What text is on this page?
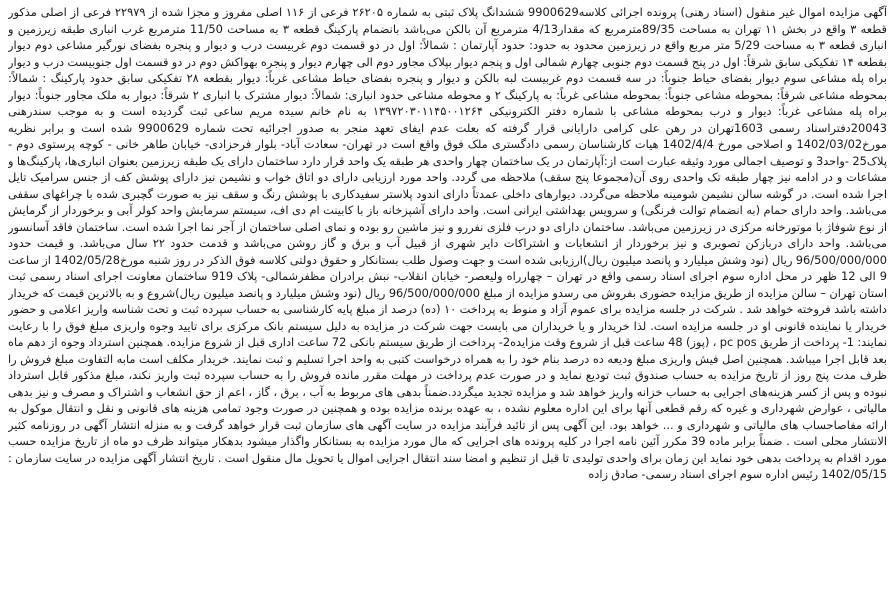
آگهی مزایده اموال غیر منقول (اسناد رهنی) پرونده اجرائی کلاسه9900629 ششدانگ پلاک ثبتی به شماره ۲۶۲۰۵ فرعی از ۱۱۶ اصلی مفروز و مجزا شده از ۲۲۹۷۹ فرعی از اصلی مذکور قطعه ۳ واقع در بخش ۱۱ تهران به مساحت 89/35مترمربع که مقدار4/13 مترمربع آن بالکن می‌باشد بانضمام پارکینگ قطعه ۳ به مساحت 11/50 مترمربع غرب انباری طبقه زیرزمین و انباری قطعه ۳ به مساحت 5/29 متر مربع واقع در زیرزمین محدود به حدود: حدود آپارتمان : شمالاً: اول در دو قسمت دوم غربیست درب و دیوار و پنجره بفضای نورگیر مشاعی دوم دیوار بقطعه ۱۴ تفکیکی سابق شرقاً: اول در پنج قسمت دوم جنوبی چهارم شمالی اول و پنجم دیوار بپلاک مجاور دوم الی چهارم دیوار و پنجره بهواکش دوم در دو قسمت اول جنوبیست درب و دیوار براه پله مشاعی سوم دیوار بفضای حیاط جنوباً: در سه قسمت دوم غربیست لبه بالکن و دیوار و پنجره بفضای حیاط مشاعی غرباً: دیوار بقطعه ۲۸ تفکیکی سابق حدود پارکینگ : شمالاً: بمحوطه مشاعی شرقاً: بمحوطه مشاعی جنوباً: بمحوطه مشاعی غرباً: به پارکینگ ۲ و محوطه مشاعی حدود انباری: شمالاً: دیوار مشترک با انباری ۲ شرقاً: دیوار به ملک مجاور جنوباً: دیوار براه پله مشاعی غرباً: دیوار و درب بمحوطه مشاعی با شماره دفتر الکترونیکی ۱۳۹۷۲۰۳۰۱۱۴۵۰۰۱۲۶۴ به نام خانم سیده مریم ساعی ثبت گردیده است و به موجب سندرهنی 20043دفتراسناد رسمی 1603تهران در رهن علی کرامی دارایانی قرار گرفته که بعلت عدم ایفای تعهد منجر به صدور اجرائیه تحت شماره 9900629 شده است و برابر نظریه مورخ1402/03/02 و اصلاحی مورخ 1402/4/4 هیات کارشناسان رسمی دادگستری ملک فوق واقع است در تهران- سعادت آباد- بلوار فرحزادی- خیابان طاهر خانی - کوچه پرستوی دوم - پلاک25 -واحد3 و توصیف اجمالی مورد وثیقه عبارت است از:آپارتمان در یک ساختمان چهار واحدی هر طبقه یک واحد قرار دارد ساختمان دارای یک طبقه زیرزمین بعنوان انباری‌ها، پارکینگ‌ها و مشاعات و در ادامه نیز چهار طبقه تک واحدی روی آن(مجموعا پنج سقف) ملاحظه می گردد. واحد مورد ارزیابی دارای دو اتاق خواب و نشیمن نیز دارای پوشش کف از جنس سرامیک تایل اجرا شده است. در گوشه سالن نشیمن شومینه ملاحظه می‌گردد. دیوارهای داخلی عمدتاً دارای اندود پلاستر سفیدکاری با پوشش رنگ و سقف نیز به صورت گچبری شده با چراغهای سقفی می‌باشد. واحد دارای حمام (به انضمام توالت فرنگی) و سرویس بهداشتی ایرانی است. واحد دارای آشپزخانه باز با کابینت ام دی اف، سیستم سرمایش واحد کولر آبی و برخوردار از گرمایش از نوع شوفاژ با موتورخانه مرکزی در زیرزمین می‌باشد. ساختمان دارای دو درب فلزی نفررو و نیز ماشین رو بوده و نمای اصلی ساختمان از آجر نما اجرا شده است. ساختمان فاقد آسانسور می‌باشد. واحد دارای دربازکن تصویری و نیز برخوردار از انشعابات و اشتراکات دایر شهری از قبیل آب و برق و گاز روشن می‌باشد و قدمت حدود ۲۲ سال می‌باشد. و قیمت حدود 96/500/000/000 ریال (نود وشش میلیارد و پانصد میلیون ریال)ارزیابی شده است و جهت وصول طلب بستانکار و حقوق دولتی کلاسه فوق الذکر در روز شنبه مورخ1402/05/28 از ساعت 9 الی 12 ظهر در محل اداره سوم اجرای اسناد رسمی واقع در تهران – چهارراه ولیعصر- خیابان انقلاب- نبش برادران مظفرشمالی- پلاک 919 ساختمان معاونت اجرای اسناد رسمی ثبت استان تهران – سالن مزایده از طریق مزایده حضوری بفروش می رسدو مزایده از مبلغ 96/500/000/000 ریال (نود وشش میلیارد و پانصد میلیون ریال)شروع و به بالاترین قیمت که خریدار داشته باشد فروخته خواهد شد . شرکت در جلسه مزایده برای عموم آزاد و منوط به پرداخت ۱۰ (ده) درصد از مبلغ پایه کارشناسی به حساب سپرده ثبت و تحت شناسه واریز اعلامی و حضور خریدار یا نماینده قانونی او در جلسه مزایده است. لذا خریدار و یا خریداران می بایست جهت شرکت در مزایده به دلیل سیستم بانک مرکزی برای تایید وجوه واریزی مبلغ فوق را با رعایت نمایند: 1- پرداخت از طریق pc pos ، (پوز) 48 ساعت قبل از شروع وقت مزایده2- پرداخت از طریق سیستم بانکی 72 ساعت اداری قبل از شروع مزایده. همچنین استرداد وجوه از دهم ماه بعد قابل اجرا میباشد. همچنین اصل فیش واریزی مبلغ ودیعه ده درصد بنام خود را به همراه درخواست کتبی به واحد اجرا تسلیم و ثبت نمایند. خریدار مکلف است مابه التفاوت مبلغ فروش را ظرف مدت پنج روز از تاریخ مزایده به حساب صندوق ثبت تودیع نماید و در صورت عدم پرداخت در مهلت مقرر مانده فروش را به حساب سپرده ثبت واریز نکند، مبلغ مذکور قابل استرداد نبوده و پس از کسر هزینه‌های اجرایی به حساب خزانه واریز خواهد شد و مزایده تجدید میگردد.ضمناً بدهی های مربوط به آب ، برق ، گاز ، اعم از حق انشعاب و اشتراک و مصرف و نیز بدهی مالیاتی ، عوارض شهرداری و غیره که رقم قطعی آنها برای این اداره معلوم نشده ، به عهده برنده مزایده بوده و همچنین در صورت وجود تمامی هزینه های قانونی و نقل و انتقال موکول به ارائه مفاصاحساب های مالیاتی و شهرداری و ... خواهد بود. این آگهی پس از تائید فرآیند مزایده در سایت آگهی های سازمان ثبت قرار خواهد گرفت و به منزله انتشار آگهی در روزنامه کثیر الانتشار محلی است . ضمناً برابر ماده 39 مکرر آئین نامه اجرا در کلیه پرونده های اجرایی که مال مورد مزایده به بستانکار واگذار میشود بدهکار میتواند ظرف دو ماه از تاریخ مزایده حسب مورد اقدام به پرداخت بدهی خود نماید این زمان برای واحدی تولیدی تا قبل از تنظیم و امضا سند انتقال اجرایی اموال یا تحویل مال منقول است . تاریخ انتشار آگهی مزایده در سایت سازمان : 1402/05/15 رئیس اداره سوم اجرای اسناد رسمی- صادق زاده
